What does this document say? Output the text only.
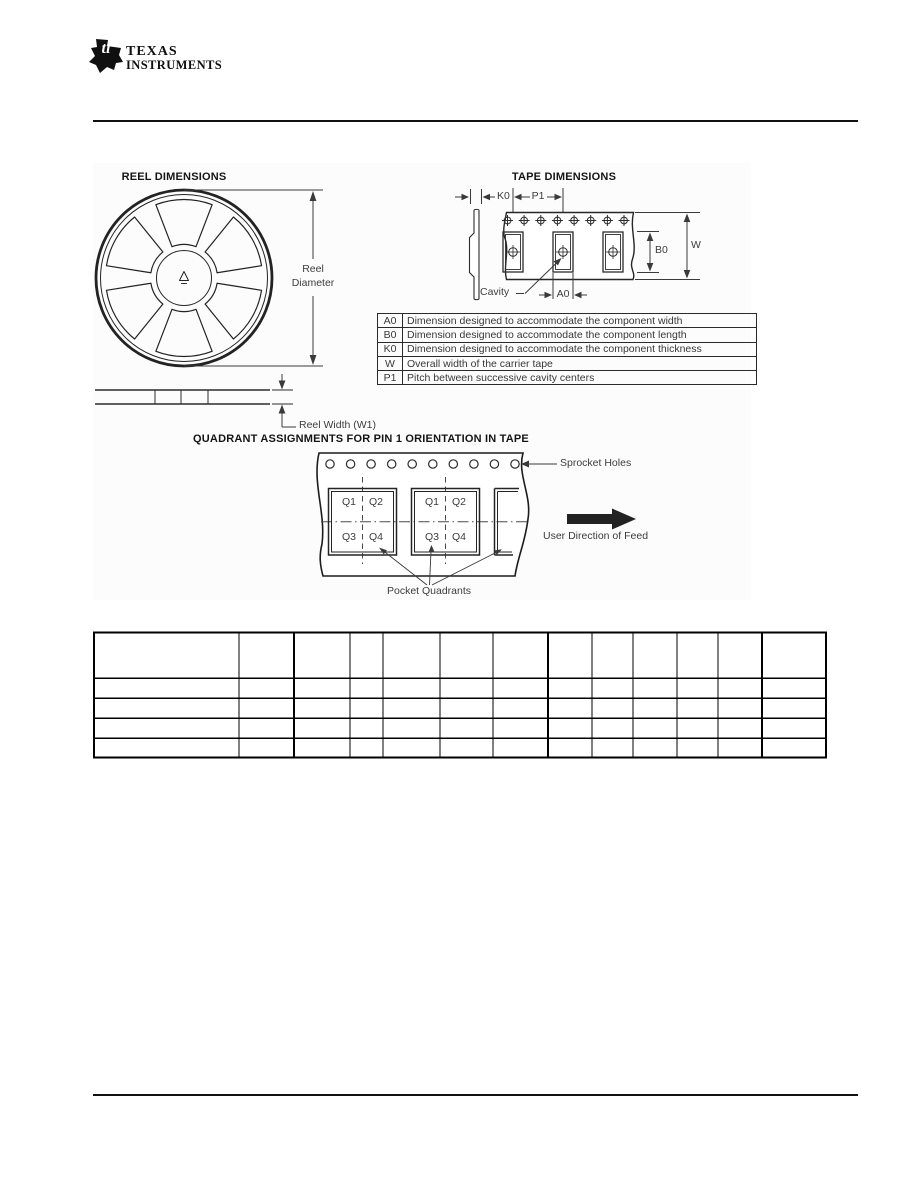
ti	TEXAS
INSTRUMENTS
REEL DIMENSIONS	TAPE DIMENSIONS
QUADRANT ASSIGNMENTS FOR PIN 1 ORIENTATION IN TAPE
Reel
Diameter
Reel Width (W1)
K0 P1
Cavity	A0
B0 W
A0	Dimension designed to accommodate the component width
B0	Dimension designed to accommodate the component length
K0	Dimension designed to accommodate the component thickness
W	Overall width of the carrier tape
P1	Pitch between successive cavity centers
Q1 Q2
Q3 Q4
Q1 Q2
Q3 Q4
Sprocket Holes
User Direction of Feed
Pocket Quadrants
